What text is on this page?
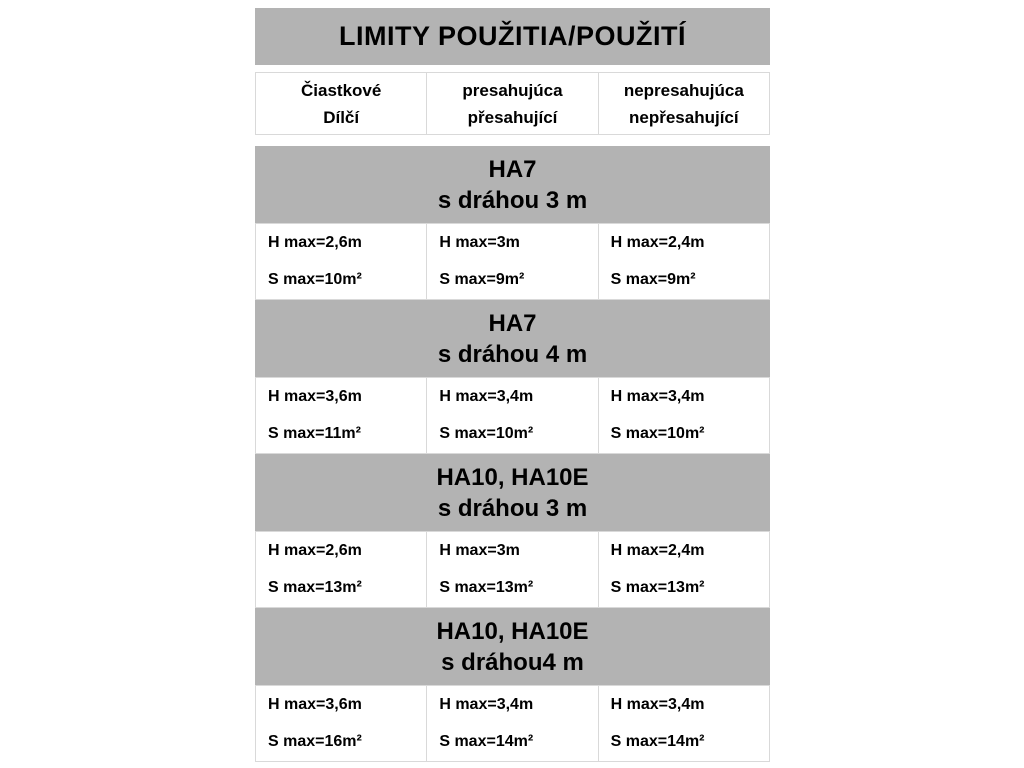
LIMITY POUŽITIA/POUŽITÍ
Čiastkové
Dílčí
presahujúca
přesahující
nepresahujúca
nepřesahující
HA7
s dráhou 3 m
H max=2,6m
S max=10m²
H max=3m
S max=9m²
H max=2,4m
S max=9m²
HA7
s dráhou 4 m
H max=3,6m
S max=11m²
H max=3,4m
S max=10m²
H max=3,4m
S max=10m²
HA10, HA10E
s dráhou 3 m
H max=2,6m
S max=13m²
H max=3m
S max=13m²
H max=2,4m
S max=13m²
HA10, HA10E
s dráhou4 m
H max=3,6m
S max=16m²
H max=3,4m
S max=14m²
H max=3,4m
S max=14m²
